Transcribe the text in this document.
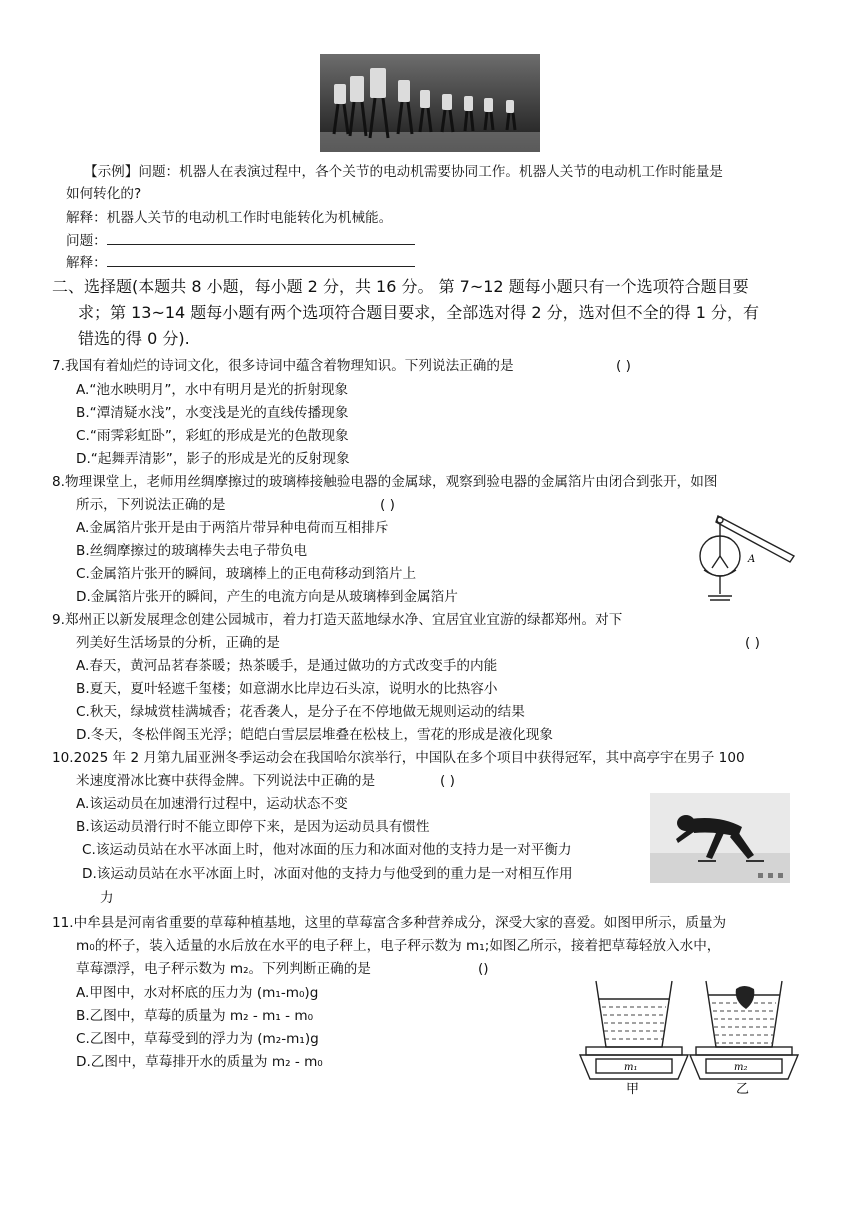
【示例】问题：机器人在表演过程中，各个关节的电动机需要协同工作。机器人关节的电动机工作时能量是
如何转化的?
解释：机器人关节的电动机工作时电能转化为机械能。
问题：
解释：
二、选择题(本题共 8 小题，每小题 2 分，共 16 分。 第 7~12 题每小题只有一个选项符合题目要
求；第 13~14 题每小题有两个选项符合题目要求，全部选对得 2 分，选对但不全的得 1 分，有
错选的得 0 分).
7.我国有着灿烂的诗词文化，很多诗词中蕴含着物理知识。下列说法正确的是	( )
A.“池水映明月”，水中有明月是光的折射现象
B.“潭清疑水浅”，水变浅是光的直线传播现象
C.“雨霁彩虹卧”，彩虹的形成是光的色散现象
D.“起舞弄清影”，影子的形成是光的反射现象
8.物理课堂上，老师用丝绸摩擦过的玻璃棒接触验电器的金属球，观察到验电器的金属箔片由闭合到张开，如图
所示，下列说法正确的是	( )
A.金属箔片张开是由于两箔片带异种电荷而互相排斥
B.丝绸摩擦过的玻璃棒失去电子带负电
C.金属箔片张开的瞬间，玻璃棒上的正电荷移动到箔片上
D.金属箔片张开的瞬间，产生的电流方向是从玻璃棒到金属箔片
A
9.郑州正以新发展理念创建公园城市，着力打造天蓝地绿水净、宜居宜业宜游的绿都郑州。对下
列美好生活场景的分析，正确的是	( )
A.春天，黄河品茗春茶暖；热茶暖手，是通过做功的方式改变手的内能
B.夏天，夏叶轻遮千玺楼；如意湖水比岸边石头凉，说明水的比热容小
C.秋天，绿城赏桂满城香；花香袭人，是分子在不停地做无规则运动的结果
D.冬天，冬松伴阁玉光浮；皑皑白雪层层堆叠在松枝上，雪花的形成是液化现象
10.2025 年 2 月第九届亚洲冬季运动会在我国哈尔滨举行，中国队在多个项目中获得冠军，其中高亭宇在男子 100
米速度滑冰比赛中获得金牌。下列说法中正确的是	( )
A.该运动员在加速滑行过程中，运动状态不变
B.该运动员滑行时不能立即停下来，是因为运动员具有惯性
C.该运动员站在水平冰面上时，他对冰面的压力和冰面对他的支持力是一对平衡力
D.该运动员站在水平冰面上时，冰面对他的支持力与他受到的重力是一对相互作用
力
11.中牟县是河南省重要的草莓种植基地，这里的草莓富含多种营养成分，深受大家的喜爱。如图甲所示，质量为
m₀的杯子，装入适量的水后放在水平的电子秤上，电子秤示数为 m₁;如图乙所示，接着把草莓轻放入水中，
草莓漂浮，电子秤示数为 m₂。下列判断正确的是	()
A.甲图中，水对杯底的压力为 (m₁-m₀)g
B.乙图中，草莓的质量为 m₂ - m₁ - m₀
C.乙图中，草莓受到的浮力为 (m₂-m₁)g
D.乙图中，草莓排开水的质量为 m₂ - m₀	m₁	m₂
甲	乙
